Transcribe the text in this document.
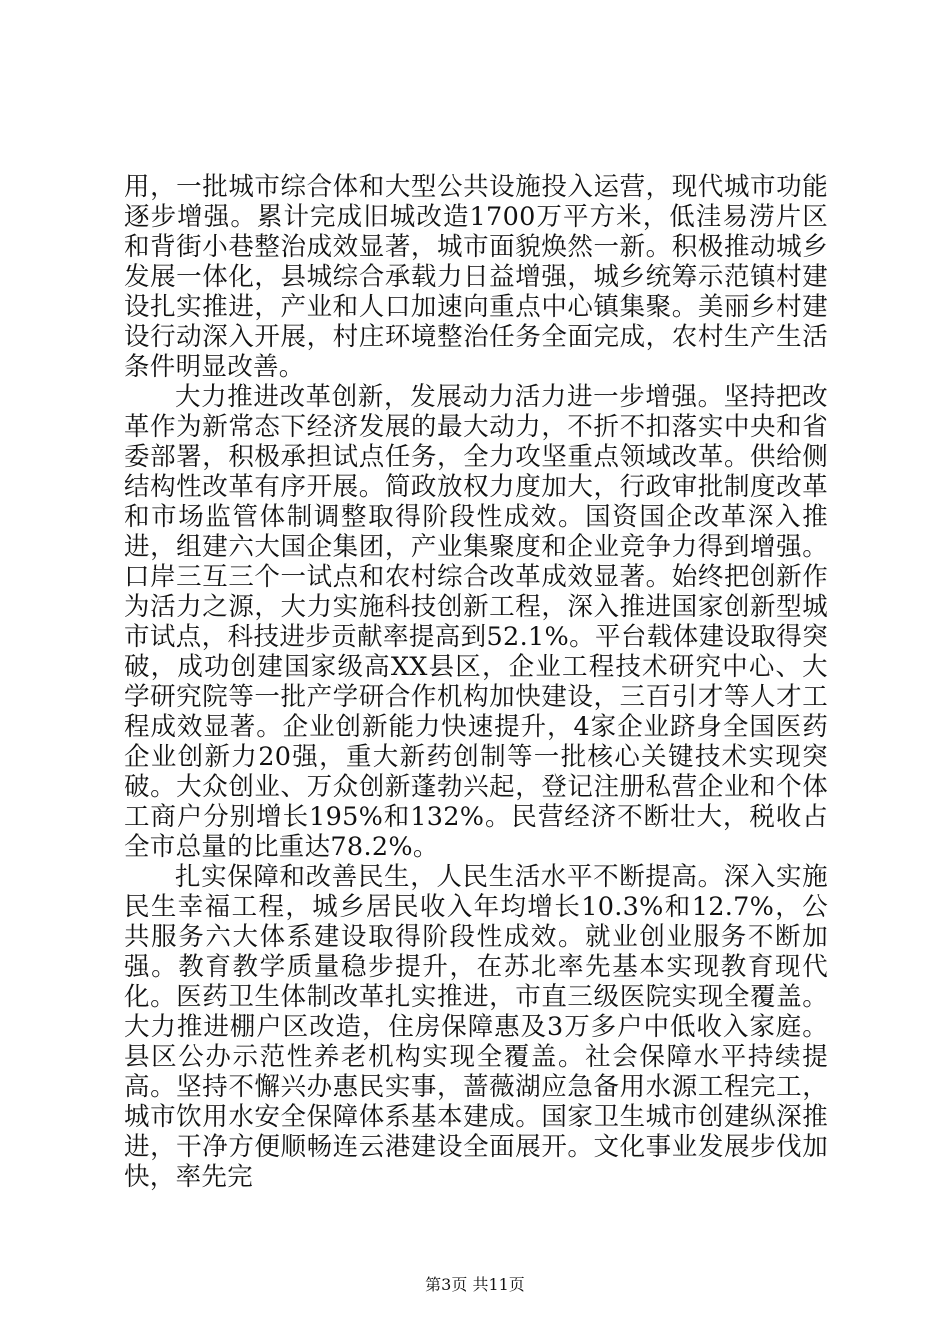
用，一批城市综合体和大型公共设施投入运营，现代城市功能逐步增强。累计完成旧城改造1700万平方米，低洼易涝片区和背街小巷整治成效显著，城市面貌焕然一新。积极推动城乡发展一体化，县城综合承载力日益增强，城乡统筹示范镇村建设扎实推进，产业和人口加速向重点中心镇集聚。美丽乡村建设行动深入开展，村庄环境整治任务全面完成，农村生产生活条件明显改善。

大力推进改革创新，发展动力活力进一步增强。坚持把改革作为新常态下经济发展的最大动力，不折不扣落实中央和省委部署，积极承担试点任务，全力攻坚重点领域改革。供给侧结构性改革有序开展。简政放权力度加大，行政审批制度改革和市场监管体制调整取得阶段性成效。国资国企改革深入推进，组建六大国企集团，产业集聚度和企业竞争力得到增强。口岸三互三个一试点和农村综合改革成效显著。始终把创新作为活力之源，大力实施科技创新工程，深入推进国家创新型城市试点，科技进步贡献率提高到52.1%。平台载体建设取得突破，成功创建国家级高XX县区，企业工程技术研究中心、大学研究院等一批产学研合作机构加快建设，三百引才等人才工程成效显著。企业创新能力快速提升，4家企业跻身全国医药企业创新力20强，重大新药创制等一批核心关键技术实现突破。大众创业、万众创新蓬勃兴起，登记注册私营企业和个体工商户分别增长195%和132%。民营经济不断壮大，税收占全市总量的比重达78.2%。

扎实保障和改善民生，人民生活水平不断提高。深入实施民生幸福工程，城乡居民收入年均增长10.3%和12.7%，公共服务六大体系建设取得阶段性成效。就业创业服务不断加强。教育教学质量稳步提升，在苏北率先基本实现教育现代化。医药卫生体制改革扎实推进，市直三级医院实现全覆盖。大力推进棚户区改造，住房保障惠及3万多户中低收入家庭。县区公办示范性养老机构实现全覆盖。社会保障水平持续提高。坚持不懈兴办惠民实事，蔷薇湖应急备用水源工程完工，城市饮用水安全保障体系基本建成。国家卫生城市创建纵深推进，干净方便顺畅连云港建设全面展开。文化事业发展步伐加快，率先完

第3页 共11页
